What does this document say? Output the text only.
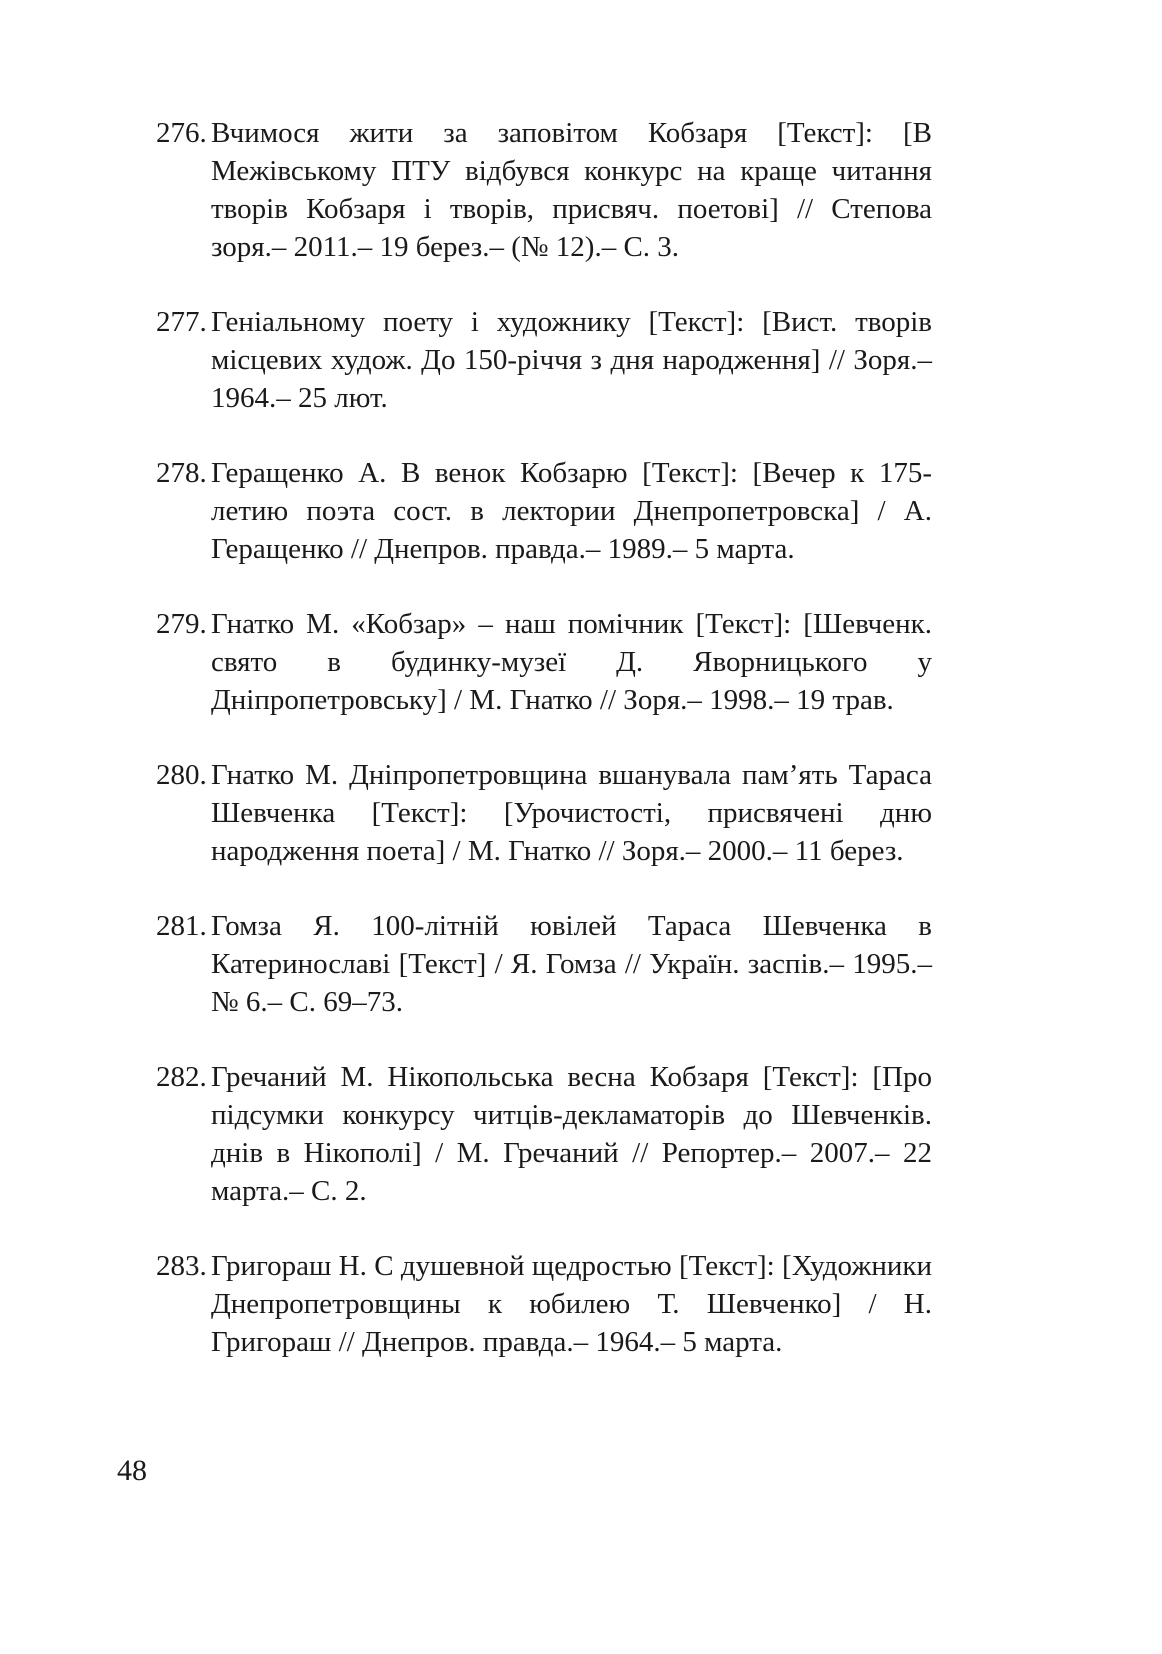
276. Вчимося жити за заповітом Кобзаря [Текст]: [В Межівському ПТУ відбувся конкурс на краще читання творів Кобзаря і творів, присвяч. поетові] // Степова зоря.– 2011.– 19 берез.– (№ 12).– С. 3.
277. Геніальному поету і художнику [Текст]: [Вист. творів місцевих худож. До 150-річчя з дня народження] // Зоря.– 1964.– 25 лют.
278. Геращенко А. В венок Кобзарю [Текст]: [Вечер к 175-летию поэта сост. в лектории Днепропетровска] / А. Геращенко // Днепров. правда.– 1989.– 5 марта.
279. Гнатко М. «Кобзар» – наш помічник [Текст]: [Шевченк. свято в будинку-музеї Д. Яворницького у Дніпропетровську] / М. Гнатко // Зоря.– 1998.– 19 трав.
280. Гнатко М. Дніпропетровщина вшанувала пам’ять Тараса Шевченка [Текст]: [Урочистості, присвячені дню народження поета] / М. Гнатко // Зоря.– 2000.– 11 берез.
281. Гомза Я. 100-літній ювілей Тараса Шевченка в Катеринославі [Текст] / Я. Гомза // Україн. заспів.– 1995.– № 6.– С. 69–73.
282. Гречаний М. Нікопольська весна Кобзаря [Текст]: [Про підсумки конкурсу читців-декламаторів до Шевченків. днів в Нікополі] / М. Гречаний // Репортер.– 2007.– 22 марта.– С. 2.
283. Григораш Н. С душевной щедростью [Текст]: [Художники Днепропетровщины к юбилею Т. Шевченко] / Н. Григораш // Днепров. правда.– 1964.– 5 марта.
48
